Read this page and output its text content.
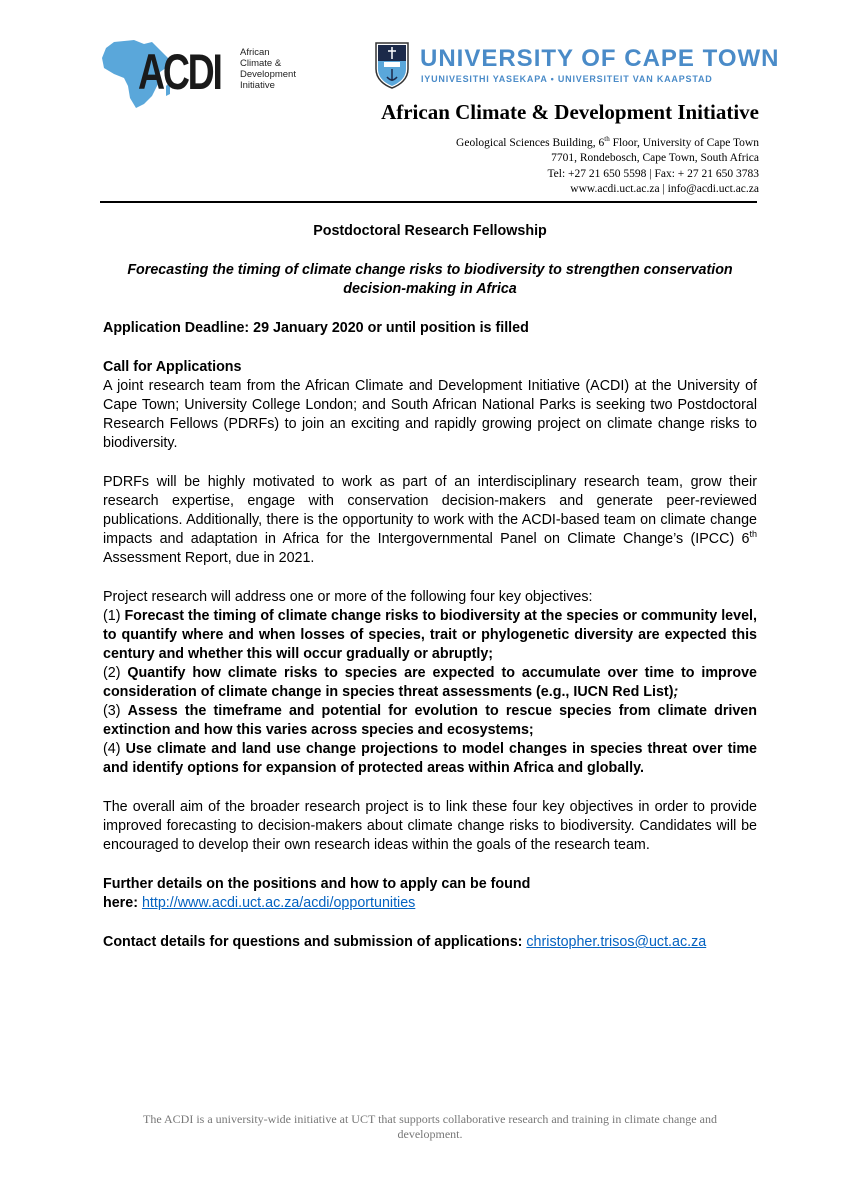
ACDI African
Climate &
Development
Initiative
UNIVERSITY OF CAPE TOWN
IYUNIVESITHI YASEKAPA • UNIVERSITEIT VAN KAAPSTAD
African Climate & Development Initiative
Geological Sciences Building, 6th Floor, University of Cape Town
7701, Rondebosch, Cape Town, South Africa
Tel: +27 21 650 5598 | Fax: + 27 21 650 3783
www.acdi.uct.ac.za | info@acdi.uct.ac.za
Postdoctoral Research Fellowship
Forecasting the timing of climate change risks to biodiversity to strengthen conservation decision-making in Africa
Application Deadline: 29 January 2020 or until position is filled
Call for Applications

A joint research team from the African Climate and Development Initiative (ACDI) at the University of Cape Town; University College London; and South African National Parks is seeking two Postdoctoral Research Fellows (PDRFs) to join an exciting and rapidly growing project on climate change risks to biodiversity.

PDRFs will be highly motivated to work as part of an interdisciplinary research team, grow their research expertise, engage with conservation decision-makers and generate peer-reviewed publications. Additionally, there is the opportunity to work with the ACDI-based team on climate change impacts and adaptation in Africa for the Intergovernmental Panel on Climate Change’s (IPCC) 6th Assessment Report, due in 2021.

Project research will address one or more of the following four key objectives:

(1) Forecast the timing of climate change risks to biodiversity at the species or community level, to quantify where and when losses of species, trait or phylogenetic diversity are expected this century and whether this will occur gradually or abruptly;

(2) Quantify how climate risks to species are expected to accumulate over time to improve consideration of climate change in species threat assessments (e.g., IUCN Red List);

(3) Assess the timeframe and potential for evolution to rescue species from climate driven extinction and how this varies across species and ecosystems;

(4) Use climate and land use change projections to model changes in species threat over time and identify options for expansion of protected areas within Africa and globally.

The overall aim of the broader research project is to link these four key objectives in order to provide improved forecasting to decision-makers about climate change risks to biodiversity. Candidates will be encouraged to develop their own research ideas within the goals of the research team.

Further details on the positions and how to apply can be found
here: http://www.acdi.uct.ac.za/acdi/opportunities
Contact details for questions and submission of applications: christopher.trisos@uct.ac.za
The ACDI is a university-wide initiative at UCT that supports collaborative research and training in climate change and development.
